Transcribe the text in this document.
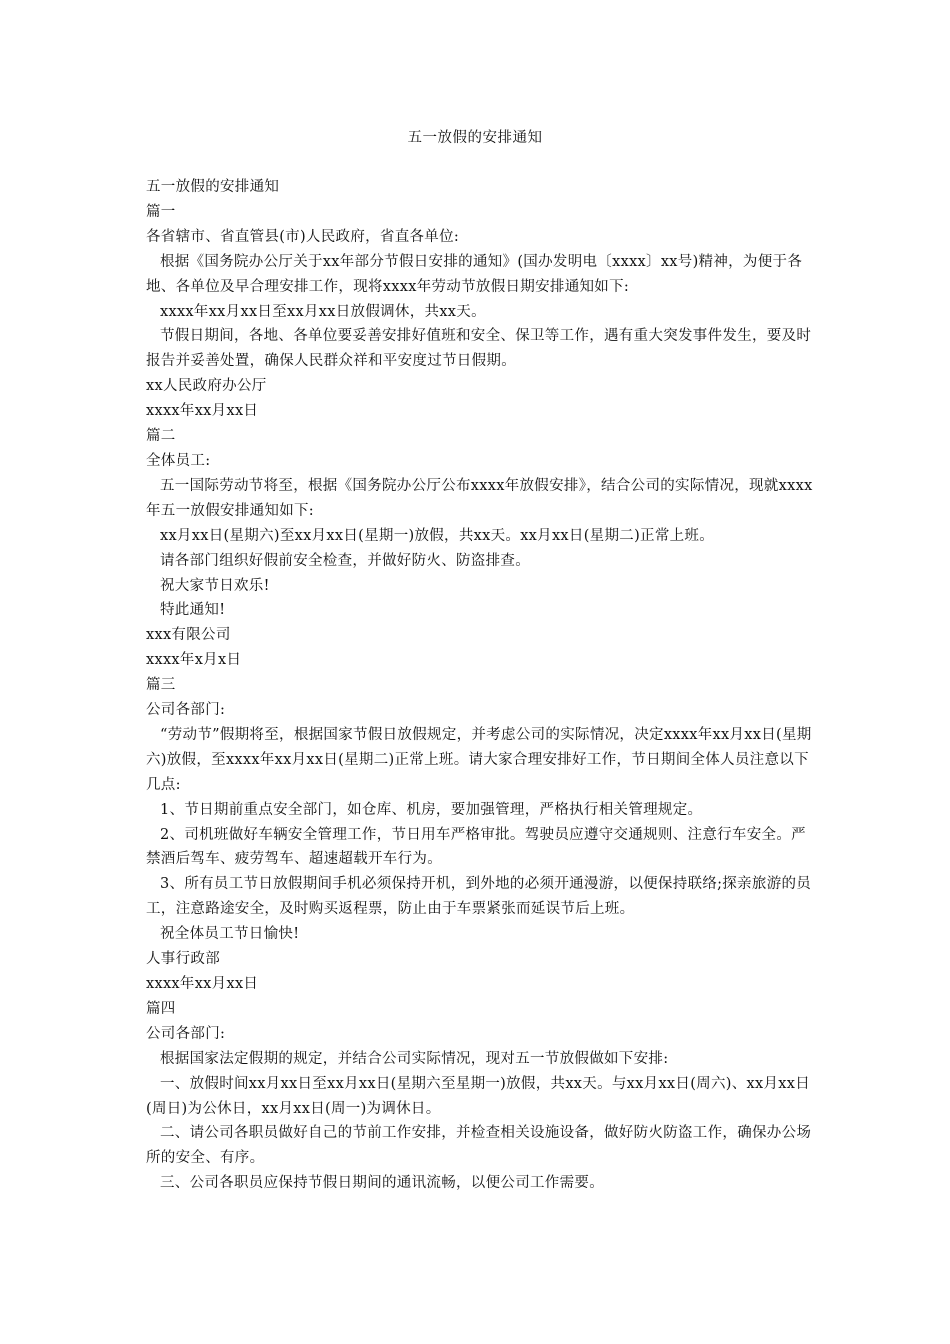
五一放假的安排通知

五一放假的安排通知

篇一

各省辖市、省直管县(市)人民政府，省直各单位:

根据《国务院办公厅关于xx年部分节假日安排的通知》(国办发明电〔xxxx〕xx号)精神，为便于各地、各单位及早合理安排工作，现将xxxx年劳动节放假日期安排通知如下:

xxxx年xx月xx日至xx月xx日放假调休，共xx天。

节假日期间，各地、各单位要妥善安排好值班和安全、保卫等工作，遇有重大突发事件发生，要及时报告并妥善处置，确保人民群众祥和平安度过节日假期。

xx人民政府办公厅

xxxx年xx月xx日

篇二

全体员工:

五一国际劳动节将至，根据《国务院办公厅公布xxxx年放假安排》，结合公司的实际情况，现就xxxx年五一放假安排通知如下:

xx月xx日(星期六)至xx月xx日(星期一)放假，共xx天。xx月xx日(星期二)正常上班。

请各部门组织好假前安全检查，并做好防火、防盗排查。

祝大家节日欢乐!

特此通知!

xxx有限公司

xxxx年x月x日

篇三

公司各部门:

“劳动节”假期将至，根据国家节假日放假规定，并考虑公司的实际情况，决定xxxx年xx月xx日(星期六)放假，至xxxx年xx月xx日(星期二)正常上班。请大家合理安排好工作，节日期间全体人员注意以下几点:

1、节日期前重点安全部门，如仓库、机房，要加强管理，严格执行相关管理规定。

2、司机班做好车辆安全管理工作，节日用车严格审批。驾驶员应遵守交通规则、注意行车安全。严禁酒后驾车、疲劳驾车、超速超载开车行为。

3、所有员工节日放假期间手机必须保持开机，到外地的必须开通漫游，以便保持联络;探亲旅游的员工，注意路途安全，及时购买返程票，防止由于车票紧张而延误节后上班。

祝全体员工节日愉快!

人事行政部

xxxx年xx月xx日

篇四

公司各部门:

根据国家法定假期的规定，并结合公司实际情况，现对五一节放假做如下安排:

一、放假时间xx月xx日至xx月xx日(星期六至星期一)放假，共xx天。与xx月xx日(周六)、xx月xx日(周日)为公休日，xx月xx日(周一)为调休日。

二、请公司各职员做好自己的节前工作安排，并检查相关设施设备，做好防火防盗工作，确保办公场所的安全、有序。

三、公司各职员应保持节假日期间的通讯流畅，以便公司工作需要。
